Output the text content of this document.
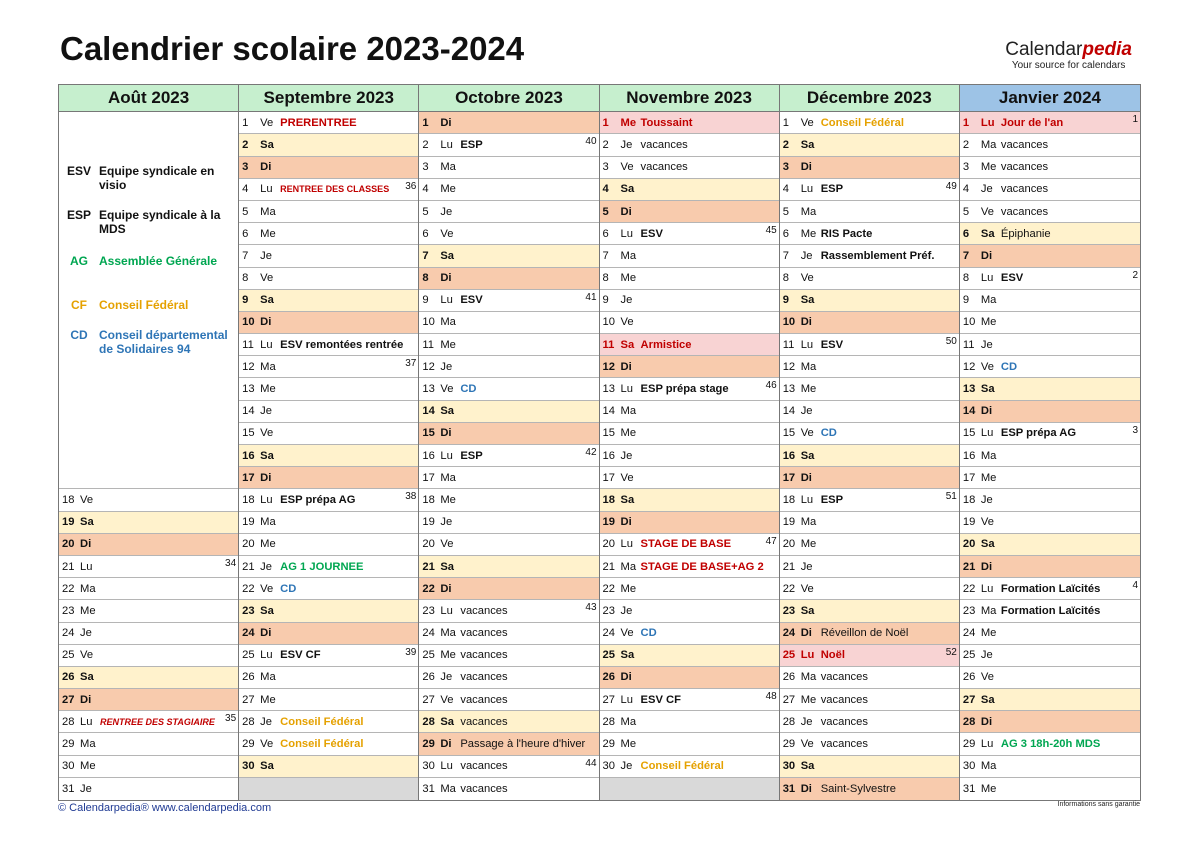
Calendrier scolaire 2023-2024	Calendarpedia
Your source for calendars
Août 2023
ESV Equipe syndicale en visio
ESP Equipe syndicale à la MDS
AG Assemblée Générale
CF	Conseil Fédéral
CD Conseil départemental de Solidaires 94
18 Ve
19 Sa
20 Di
21 Lu	34
22 Ma
23 Me
24 Je
25 Ve
26 Sa
27 Di
28 Lu RENTREE DES STAGIAIRE 35
29 Ma
30 Me
31 Je
Septembre 2023
1	Ve PRERENTREE
2	Sa
3	Di
4	Lu RENTREE DES CLASSES 36
5	Ma
6	Me
7	Je
8	Ve
9	Sa
10 Di
11 Lu ESV remontées rentrée
12 Ma	37
13 Me
14 Je
15 Ve
16 Sa
17 Di
18 Lu ESP prépa AG	38
19 Ma
20 Me
21 Je AG 1 JOURNEE
22 Ve CD
23 Sa
24 Di
25 Lu ESV CF	39
26 Ma
27 Me
28 Je Conseil Fédéral
29 Ve Conseil Fédéral
30 Sa
Octobre 2023
1	Di
2	Lu ESP	40
3	Ma
4	Me
5	Je
6	Ve
7	Sa
8	Di
9	Lu ESV	41
10 Ma
11 Me
12 Je
13 Ve CD
14 Sa
15 Di
16 Lu ESP	42
17 Ma
18 Me
19 Je
20 Ve
21 Sa
22 Di
23 Lu vacances	43
24 Ma vacances
25 Me vacances
26 Je vacances
27 Ve vacances
28 Sa vacances
29 Di Passage à l'heure d'hiver
30 Lu vacances	44
31 Ma vacances
Novembre 2023
1	Me Toussaint
2	Je vacances
3	Ve vacances
4	Sa
5	Di
6	Lu ESV	45
7	Ma
8	Me
9	Je
10 Ve
11 Sa Armistice
12 Di
13 Lu ESP prépa stage	46
14 Ma
15 Me
16 Je
17 Ve
18 Sa
19 Di
20 Lu STAGE DE BASE	47
21 Ma STAGE DE BASE+AG 2
22 Me
23 Je
24 Ve CD
25 Sa
26 Di
27 Lu ESV CF	48
28 Ma
29 Me
30 Je Conseil Fédéral
Décembre 2023
1	Ve Conseil Fédéral
2	Sa
3	Di
4	Lu ESP	49
5	Ma
6	Me RIS Pacte
7	Je Rassemblement Préf.
8	Ve
9	Sa
10 Di
11 Lu ESV	50
12 Ma
13 Me
14 Je
15 Ve CD
16 Sa
17 Di
18 Lu ESP	51
19 Ma
20 Me
21 Je
22 Ve
23 Sa
24 Di Réveillon de Noël
25 Lu Noël	52
26 Ma vacances
27 Me vacances
28 Je vacances
29 Ve vacances
30 Sa
31 Di Saint-Sylvestre
Janvier 2024
1	Lu Jour de l'an	1
2	Ma vacances
3	Me vacances
4	Je vacances
5	Ve vacances
6	Sa Épiphanie
7	Di
8	Lu ESV	2
9	Ma
10 Me
11 Je
12 Ve CD
13 Sa
14 Di
15 Lu ESP prépa AG	3
16 Ma
17 Me
18 Je
19 Ve
20 Sa
21 Di
22 Lu Formation Laïcités	4
23 Ma Formation Laïcités
24 Me
25 Je
26 Ve
27 Sa
28 Di
29 Lu AG 3 18h-20h MDS
30 Ma
31 Me
© Calendarpedia® www.calendarpedia.com	Informations sans garantie
